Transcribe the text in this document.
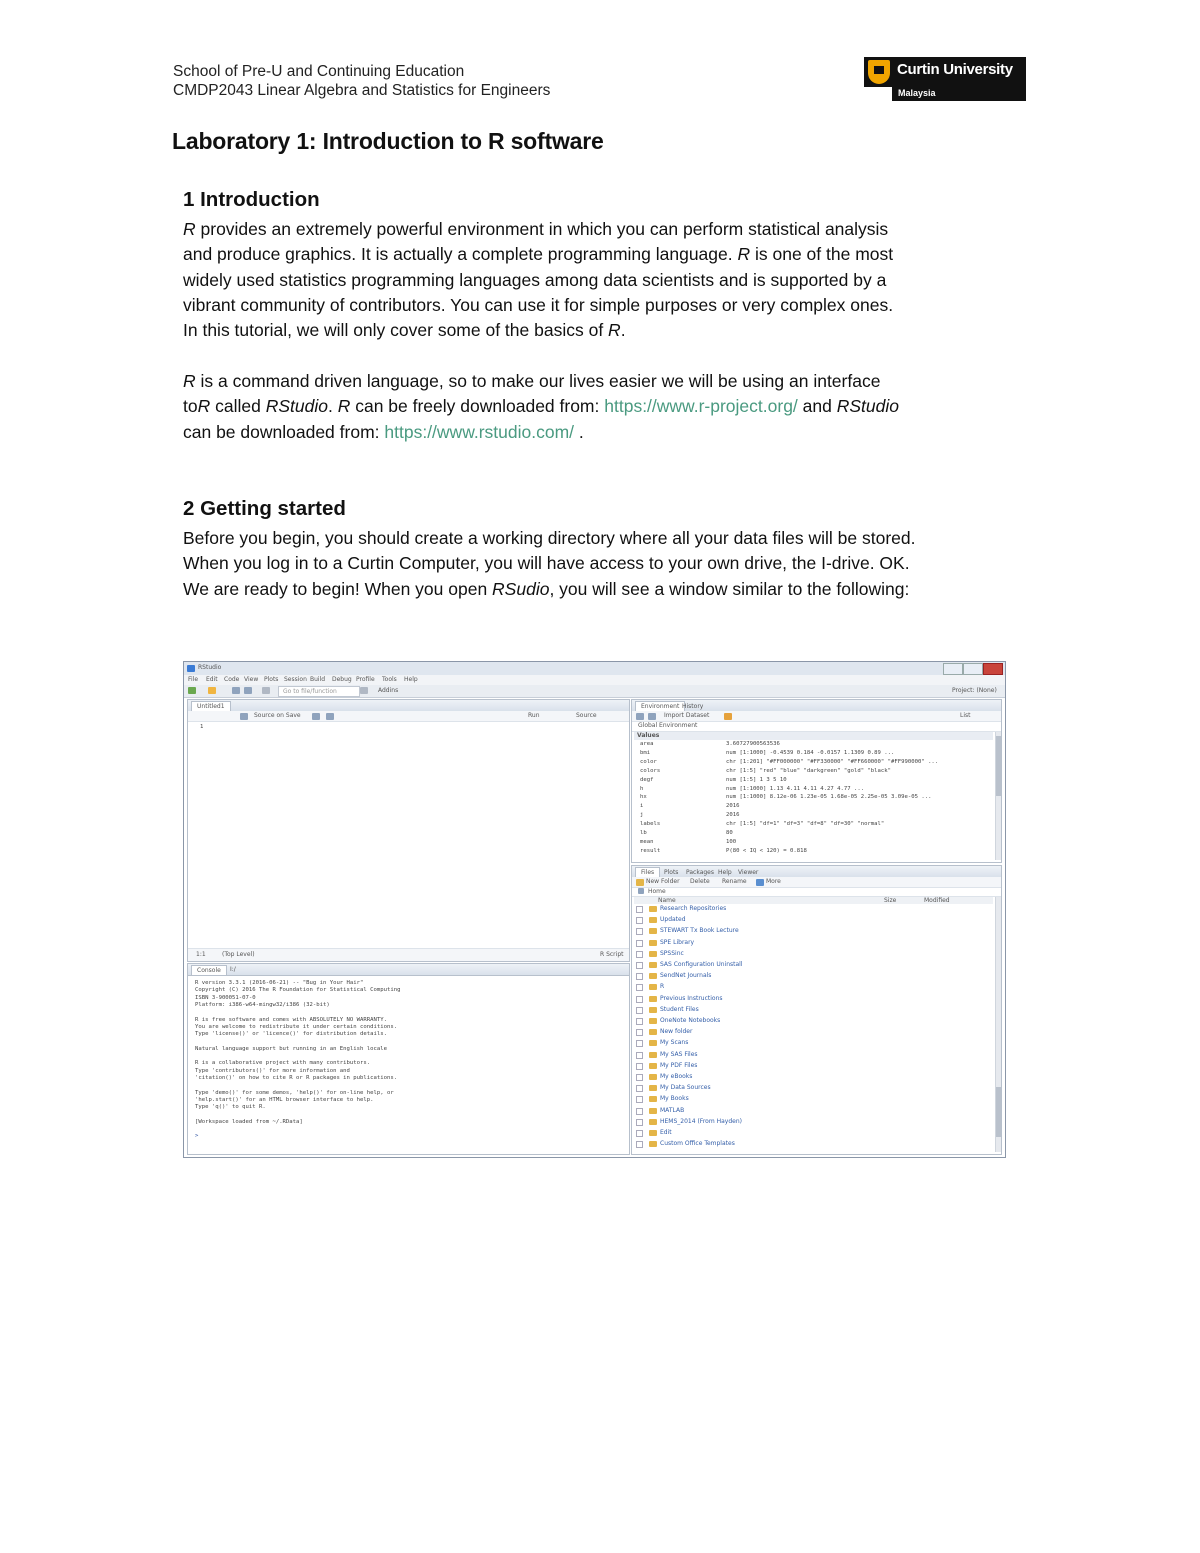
School of Pre-U and Continuing Education
CMDP2043 Linear Algebra and Statistics for Engineers
Curtin University
Malaysia
Laboratory 1: Introduction to R software
1 Introduction
R provides an extremely powerful environment in which you can perform statistical analysis
and produce graphics. It is actually a complete programming language. R is one of the most
widely used statistics programming languages among data scientists and is supported by a
vibrant community of contributors. You can use it for simple purposes or very complex ones.
In this tutorial, we will only cover some of the basics of R.
R is a command driven language, so to make our lives easier we will be using an interface
toR called RStudio. R can be freely downloaded from: https://www.r-project.org/ and RStudio
can be downloaded from: https://www.rstudio.com/ .
2 Getting started
Before you begin, you should create a working directory where all your data files will be stored.
When you log in to a Curtin Computer, you will have access to your own drive, the I-drive. OK.
We are ready to begin! When you open RSudio, you will see a window similar to the following:
RStudio
File Edit Code View Plots Session Build Debug Profile Tools Help
Go to file/function	Addins	Project: (None)
Untitled1
Source on Save	Run	Source
1
1:1	(Top Level)	R Script
Console	I:/
R version 3.3.1 (2016-06-21) -- "Bug in Your Hair"
Copyright (C) 2016 The R Foundation for Statistical Computing
ISBN 3-900051-07-0
Platform: i386-w64-mingw32/i386 (32-bit)
R is free software and comes with ABSOLUTELY NO WARRANTY.
You are welcome to redistribute it under certain conditions.
Type 'license()' or 'licence()' for distribution details.
Natural language support but running in an English locale
R is a collaborative project with many contributors.
Type 'contributors()' for more information and
'citation()' on how to cite R or R packages in publications.
Type 'demo()' for some demos, 'help()' for on-line help, or
'help.start()' for an HTML browser interface to help.
Type 'q()' to quit R.
[Workspace loaded from ~/.RData]
>
Environment History
Import Dataset	List
Global Environment
Values
area	3.60727900563536
bmi	num [1:1000] -0.4539 0.184 -0.0157 1.1309 0.89 ...
color	chr [1:201] "#FF000000" "#FF330000" "#FF660000" "#FF990000" ...
colors	chr [1:5] "red" "blue" "darkgreen" "gold" "black"
degf	num [1:5] 1 3 5 10
h	num [1:1000] 1.13 4.11 4.11 4.27 4.77 ...
hx	num [1:1000] 8.12e-06 1.23e-05 1.68e-05 2.25e-05 3.09e-05 ...
i	2016
j	2016
labels	chr [1:5] "df=1" "df=3" "df=8" "df=30" "normal"
lb	80
mean	100
result	P(80 < IQ < 120) = 0.818
Files	Plots	Packages Help	Viewer
New Folder Delete Rename	More
Home
Name	Size	Modified
Research Repositories
Updated
STEWART Tx Book Lecture
SPE Library
SPSSinc
SAS Configuration Uninstall
SendNet Journals
R
Previous Instructions
Student Files
OneNote Notebooks
New folder
My Scans
My SAS Files
My PDF Files
My eBooks
My Data Sources
My Books
MATLAB
HEMS_2014 (From Hayden)
Edit
Custom Office Templates
